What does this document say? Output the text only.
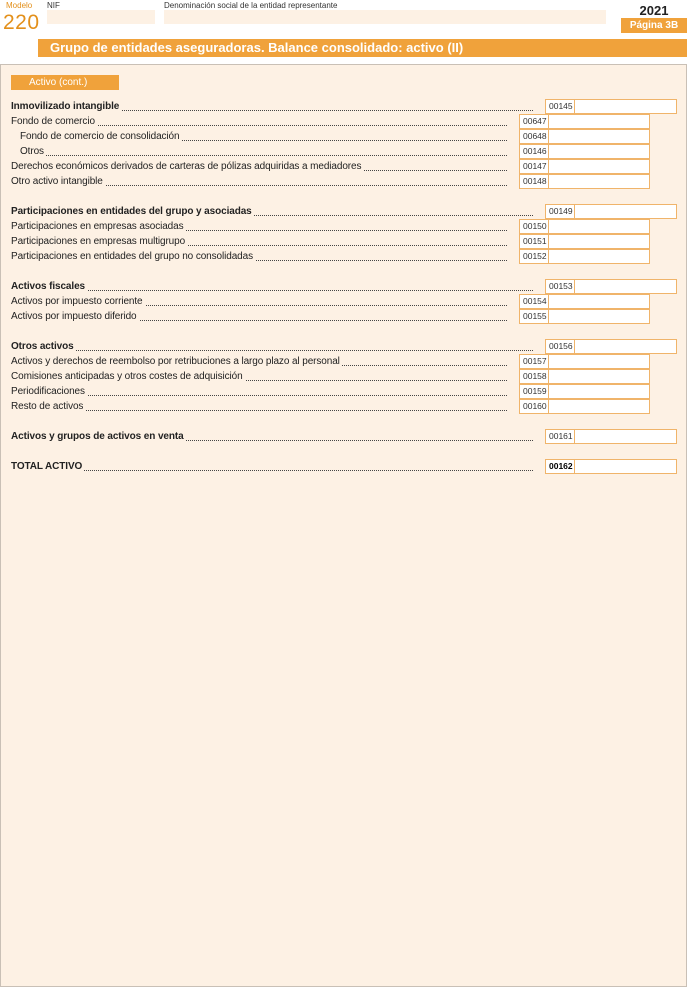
Modelo
220
NIF	Denominación social de la entidad representante	2021
Página 3B
Grupo de entidades aseguradoras. Balance consolidado: activo (II)
Activo (cont.)
Inmovilizado intangible	00145
Fondo de comercio	00647
Fondo de comercio de consolidación	00648
Otros	00146
Derechos económicos derivados de carteras de pólizas adquiridas a mediadores	00147
Otro activo intangible	00148
Participaciones en entidades del grupo y asociadas	00149
Participaciones en empresas asociadas	00150
Participaciones en empresas multigrupo	00151
Participaciones en entidades del grupo no consolidadas	00152
Activos fiscales	00153
Activos por impuesto corriente	00154
Activos por impuesto diferido	00155
Otros activos	00156
Activos y derechos de reembolso por retribuciones a largo plazo al personal	00157
Comisiones anticipadas y otros costes de adquisición	00158
Periodificaciones	00159
Resto de activos	00160
Activos y grupos de activos en venta	00161
TOTAL ACTIVO	00162
